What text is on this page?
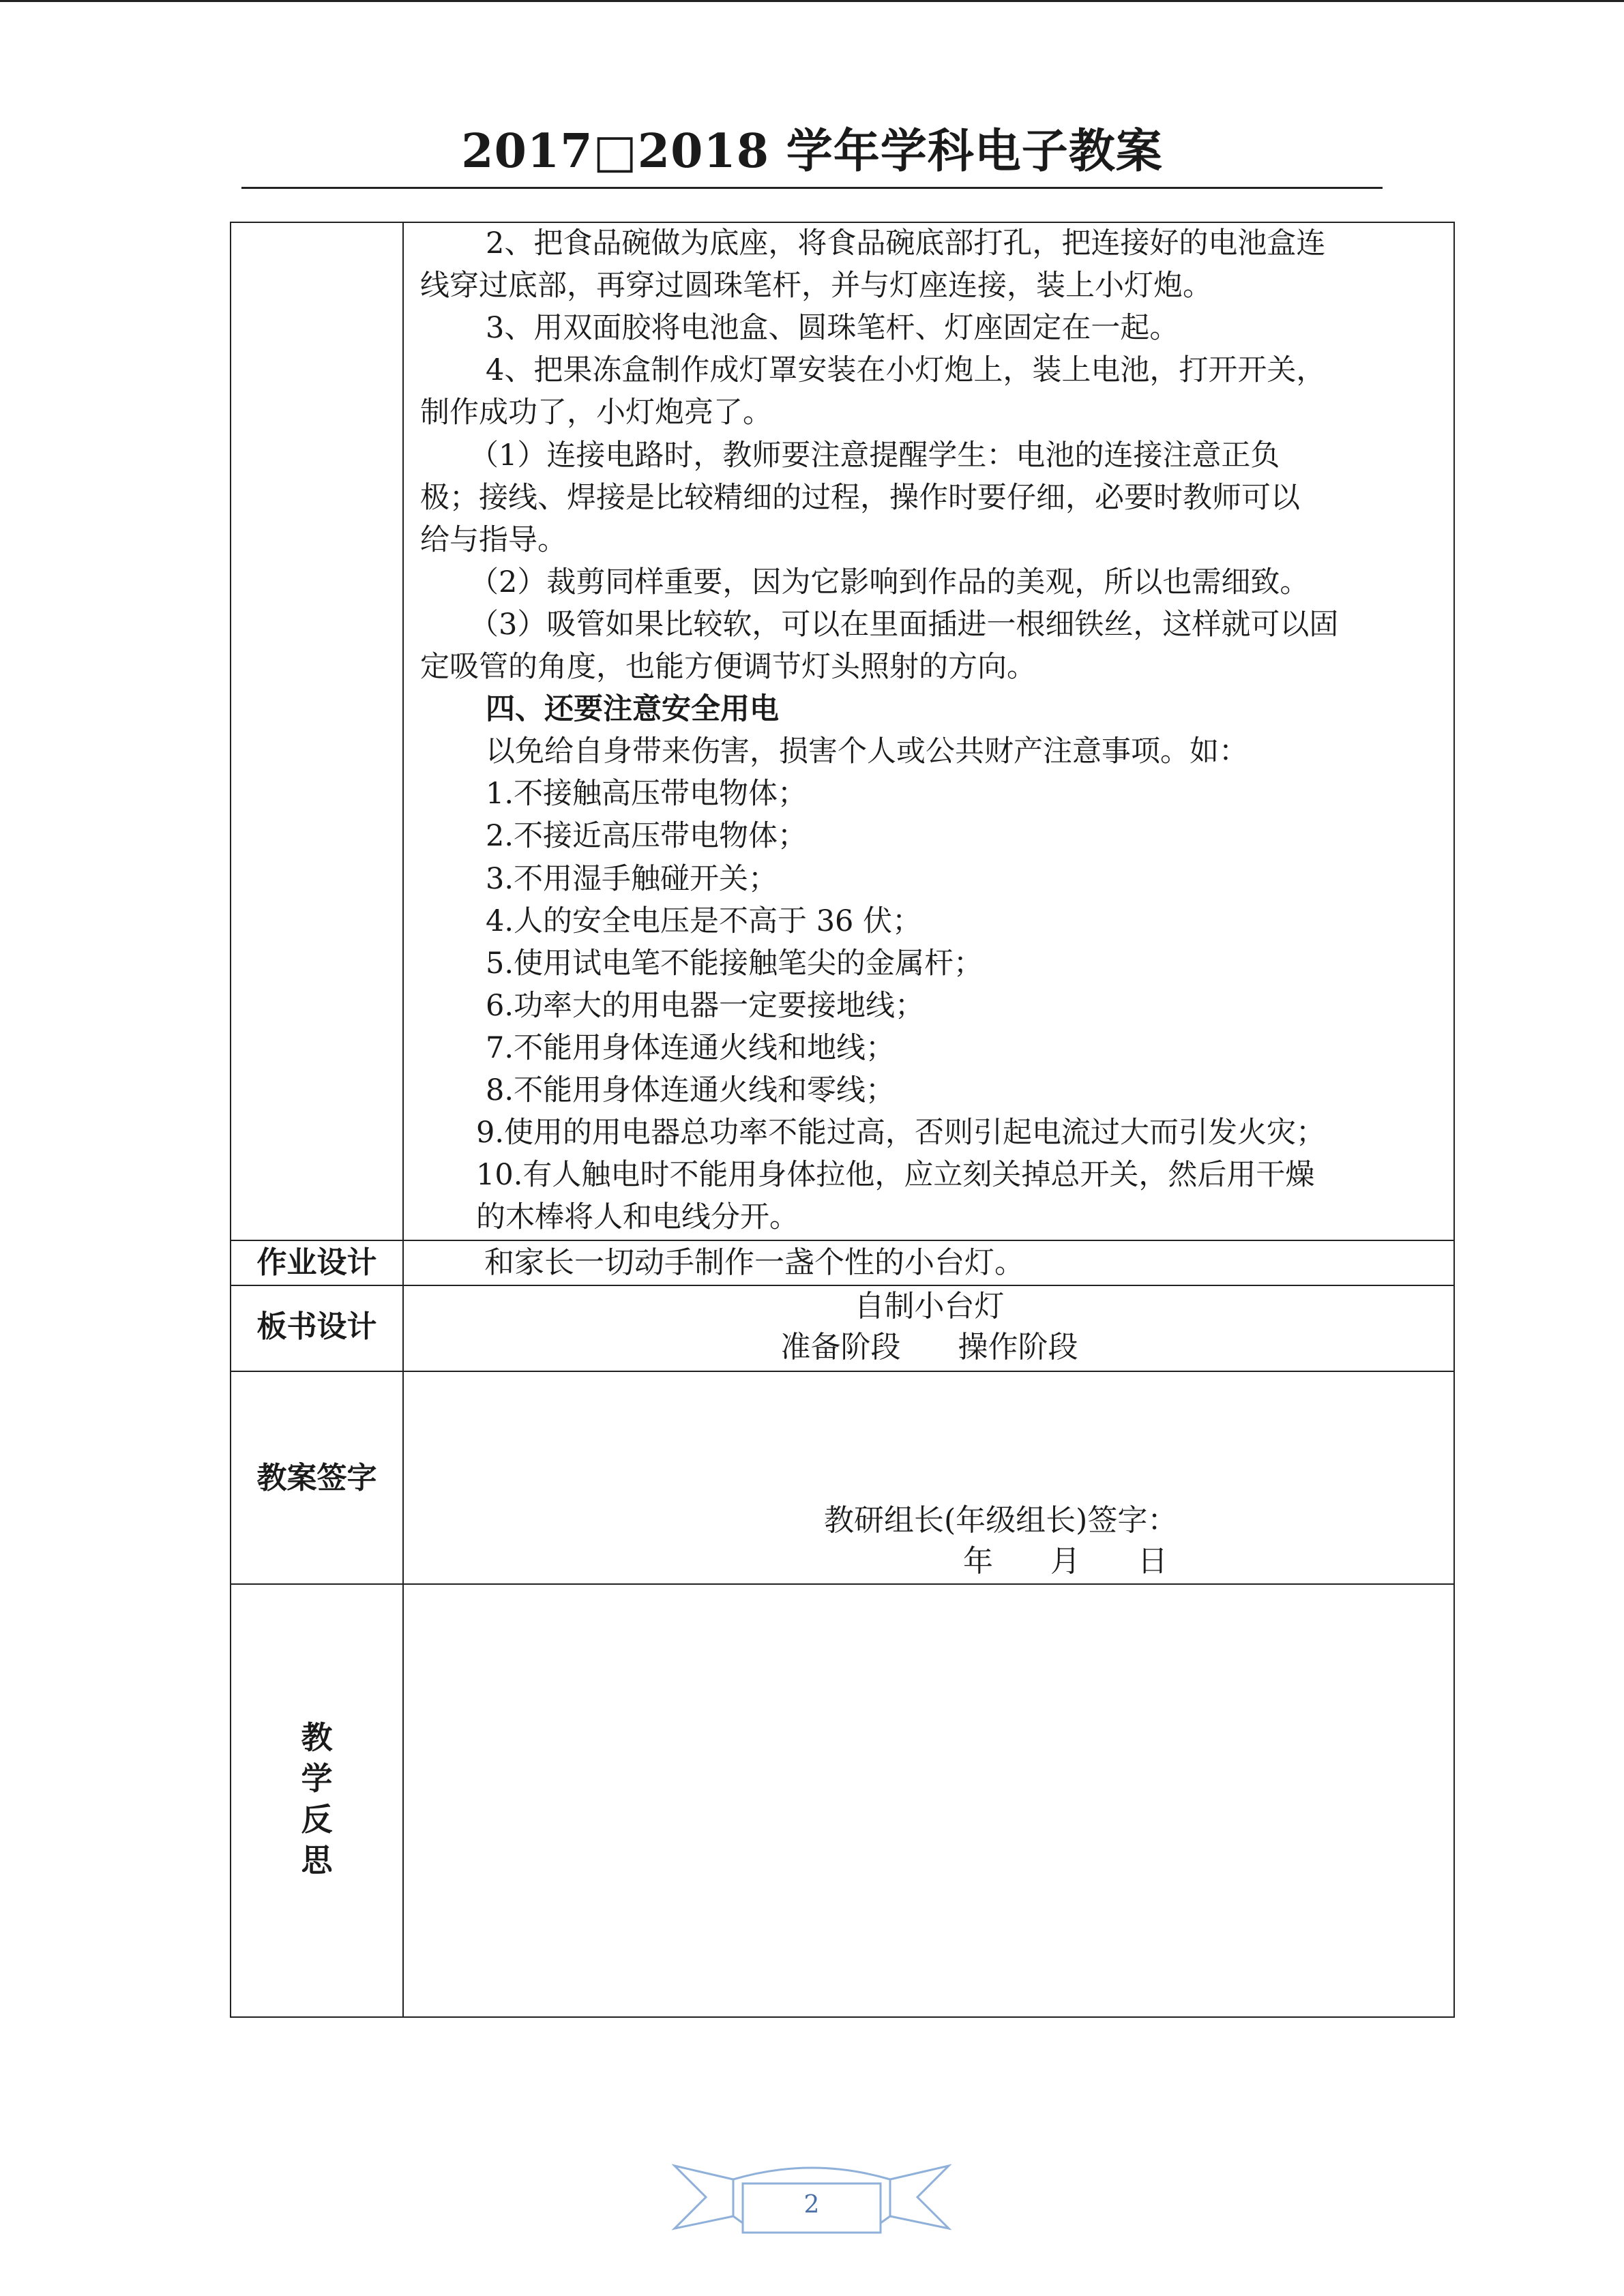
2017□2018 学年学科电子教案
2、把食品碗做为底座，将食品碗底部打孔，把连接好的电池盒连
线穿过底部，再穿过圆珠笔杆，并与灯座连接，装上小灯炮。
3、用双面胶将电池盒、圆珠笔杆、灯座固定在一起。
4、把果冻盒制作成灯罩安装在小灯炮上，装上电池，打开开关，
制作成功了，小灯炮亮了。
（1）连接电路时，教师要注意提醒学生：电池的连接注意正负
极；接线、焊接是比较精细的过程，操作时要仔细，必要时教师可以
给与指导。
（2）裁剪同样重要，因为它影响到作品的美观，所以也需细致。
（3）吸管如果比较软，可以在里面插进一根细铁丝，这样就可以固
定吸管的角度，也能方便调节灯头照射的方向。
四、还要注意安全用电
以免给自身带来伤害，损害个人或公共财产注意事项。如：
1.不接触高压带电物体；
2.不接近高压带电物体；
3.不用湿手触碰开关；
4.人的安全电压是不高于 36 伏；
5.使用试电笔不能接触笔尖的金属杆；
6.功率大的用电器一定要接地线；
7.不能用身体连通火线和地线；
8.不能用身体连通火线和零线；
9.使用的用电器总功率不能过高，否则引起电流过大而引发火灾；
10.有人触电时不能用身体拉他，应立刻关掉总开关，然后用干燥
的木棒将人和电线分开。
作业设计	和家长一切动手制作一盏个性的小台灯。
板书设计
自制小台灯
准备阶段      操作阶段
教案签字
教研组长(年级组长)签字：
年      月      日
教
学
反
思
2
